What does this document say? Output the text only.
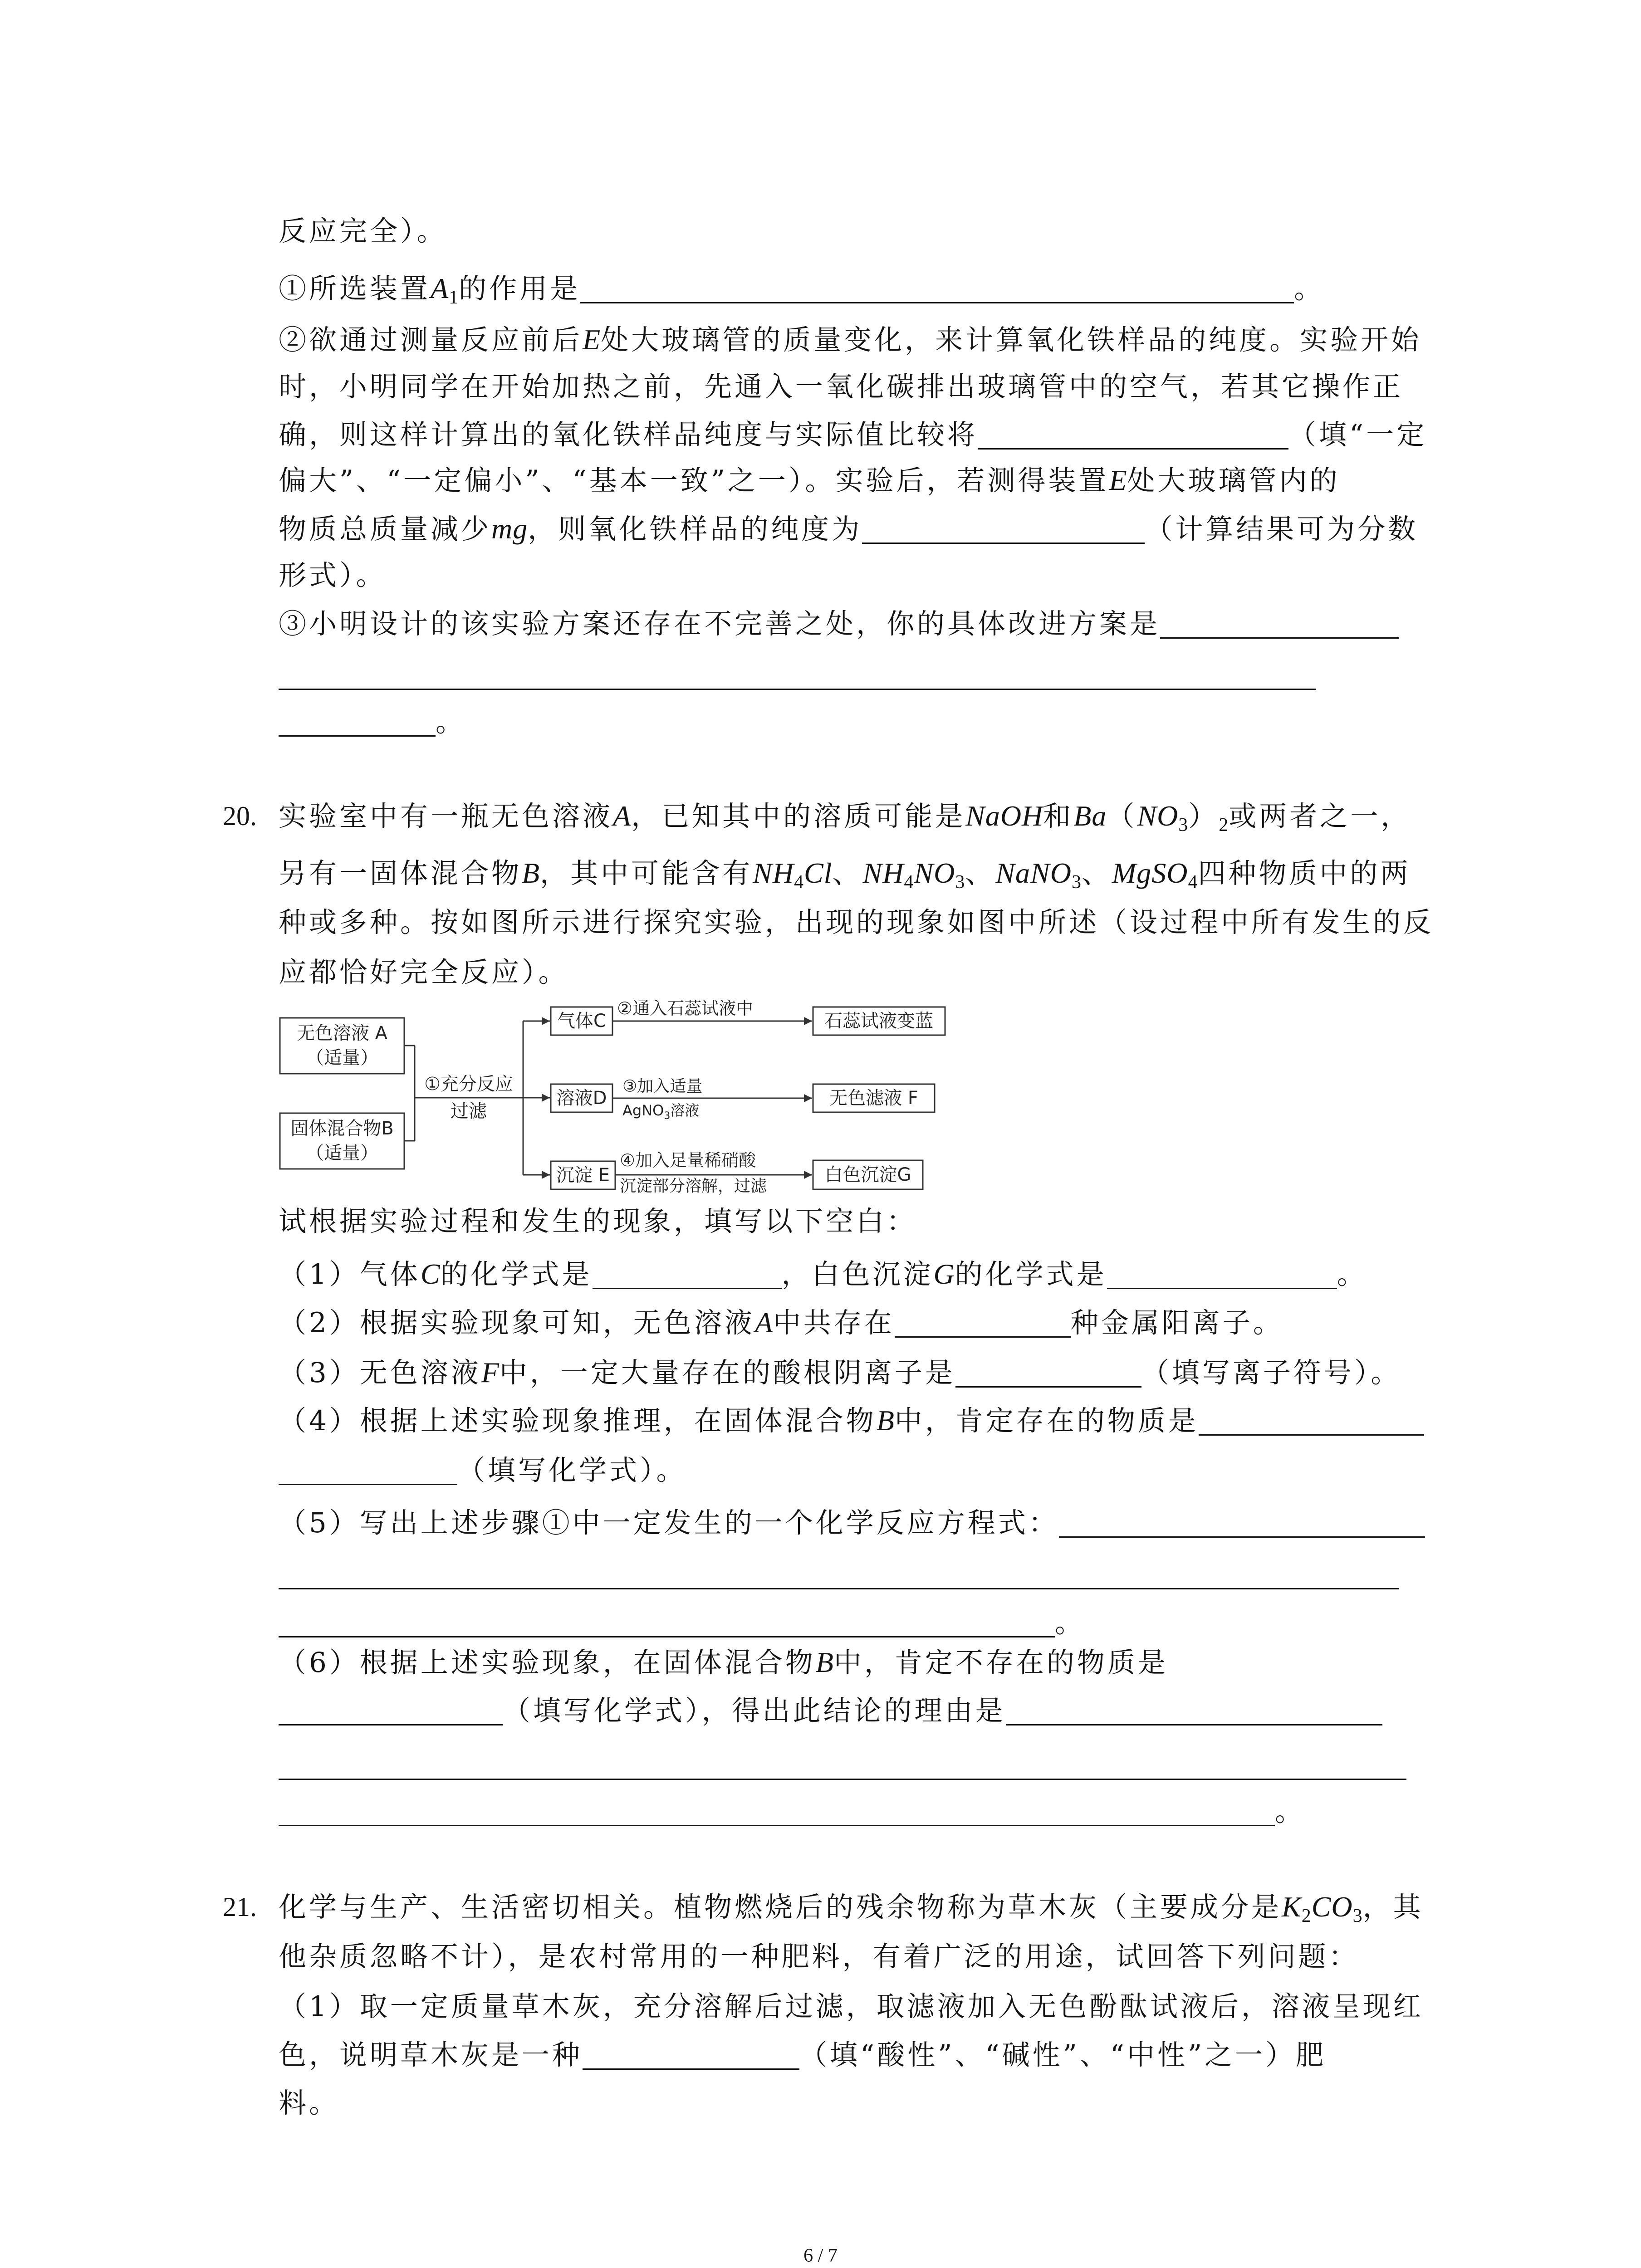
反应完全）。
①所选装置A1的作用是	。
②欲通过测量反应前后E处大玻璃管的质量变化，来计算氧化铁样品的纯度。实验开始
时，小明同学在开始加热之前，先通入一氧化碳排出玻璃管中的空气，若其它操作正
确，则这样计算出的氧化铁样品纯度与实际值比较将	（填“一定
偏大”、“一定偏小”、“基本一致”之一）。实验后，若测得装置E处大玻璃管内的
物质总质量减少mg，则氧化铁样品的纯度为	（计算结果可为分数
形式）。
③小明设计的该实验方案还存在不完善之处，你的具体改进方案是
。
20. 实验室中有一瓶无色溶液A，已知其中的溶质可能是NaOH和Ba（NO3）2或两者之一，
另有一固体混合物B，其中可能含有NH4Cl、NH4NO3、NaNO3、MgSO4四种物质中的两
种或多种。按如图所示进行探究实验，出现的现象如图中所述（设过程中所有发生的反
应都恰好完全反应）。
无色溶液 A
（适量）
固体混合物B
（适量）
①充分反应
过滤
气体C
②通入石蕊试液中
石蕊试液变蓝
溶液D
③加入适量
AgNO$_3$溶液
无色滤液 F
沉淀 E
④加入足量稀硝酸
沉淀部分溶解，过滤
白色沉淀G
试根据实验过程和发生的现象，填写以下空白：
（1）气体C的化学式是	，白色沉淀G的化学式是	。
（2）根据实验现象可知，无色溶液A中共存在	种金属阳离子。
（3）无色溶液F中，一定大量存在的酸根阴离子是	（填写离子符号）。
（4）根据上述实验现象推理，在固体混合物B中，肯定存在的物质是
（填写化学式）。
（5）写出上述步骤①中一定发生的一个化学反应方程式：
。
（6）根据上述实验现象，在固体混合物B中，肯定不存在的物质是
（填写化学式），得出此结论的理由是
。
21. 化学与生产、生活密切相关。植物燃烧后的残余物称为草木灰（主要成分是K2CO3，其
他杂质忽略不计），是农村常用的一种肥料，有着广泛的用途，试回答下列问题：
（1）取一定质量草木灰，充分溶解后过滤，取滤液加入无色酚酞试液后，溶液呈现红
色，说明草木灰是一种	（填“酸性”、“碱性”、“中性”之一）肥
料。
6 / 7
